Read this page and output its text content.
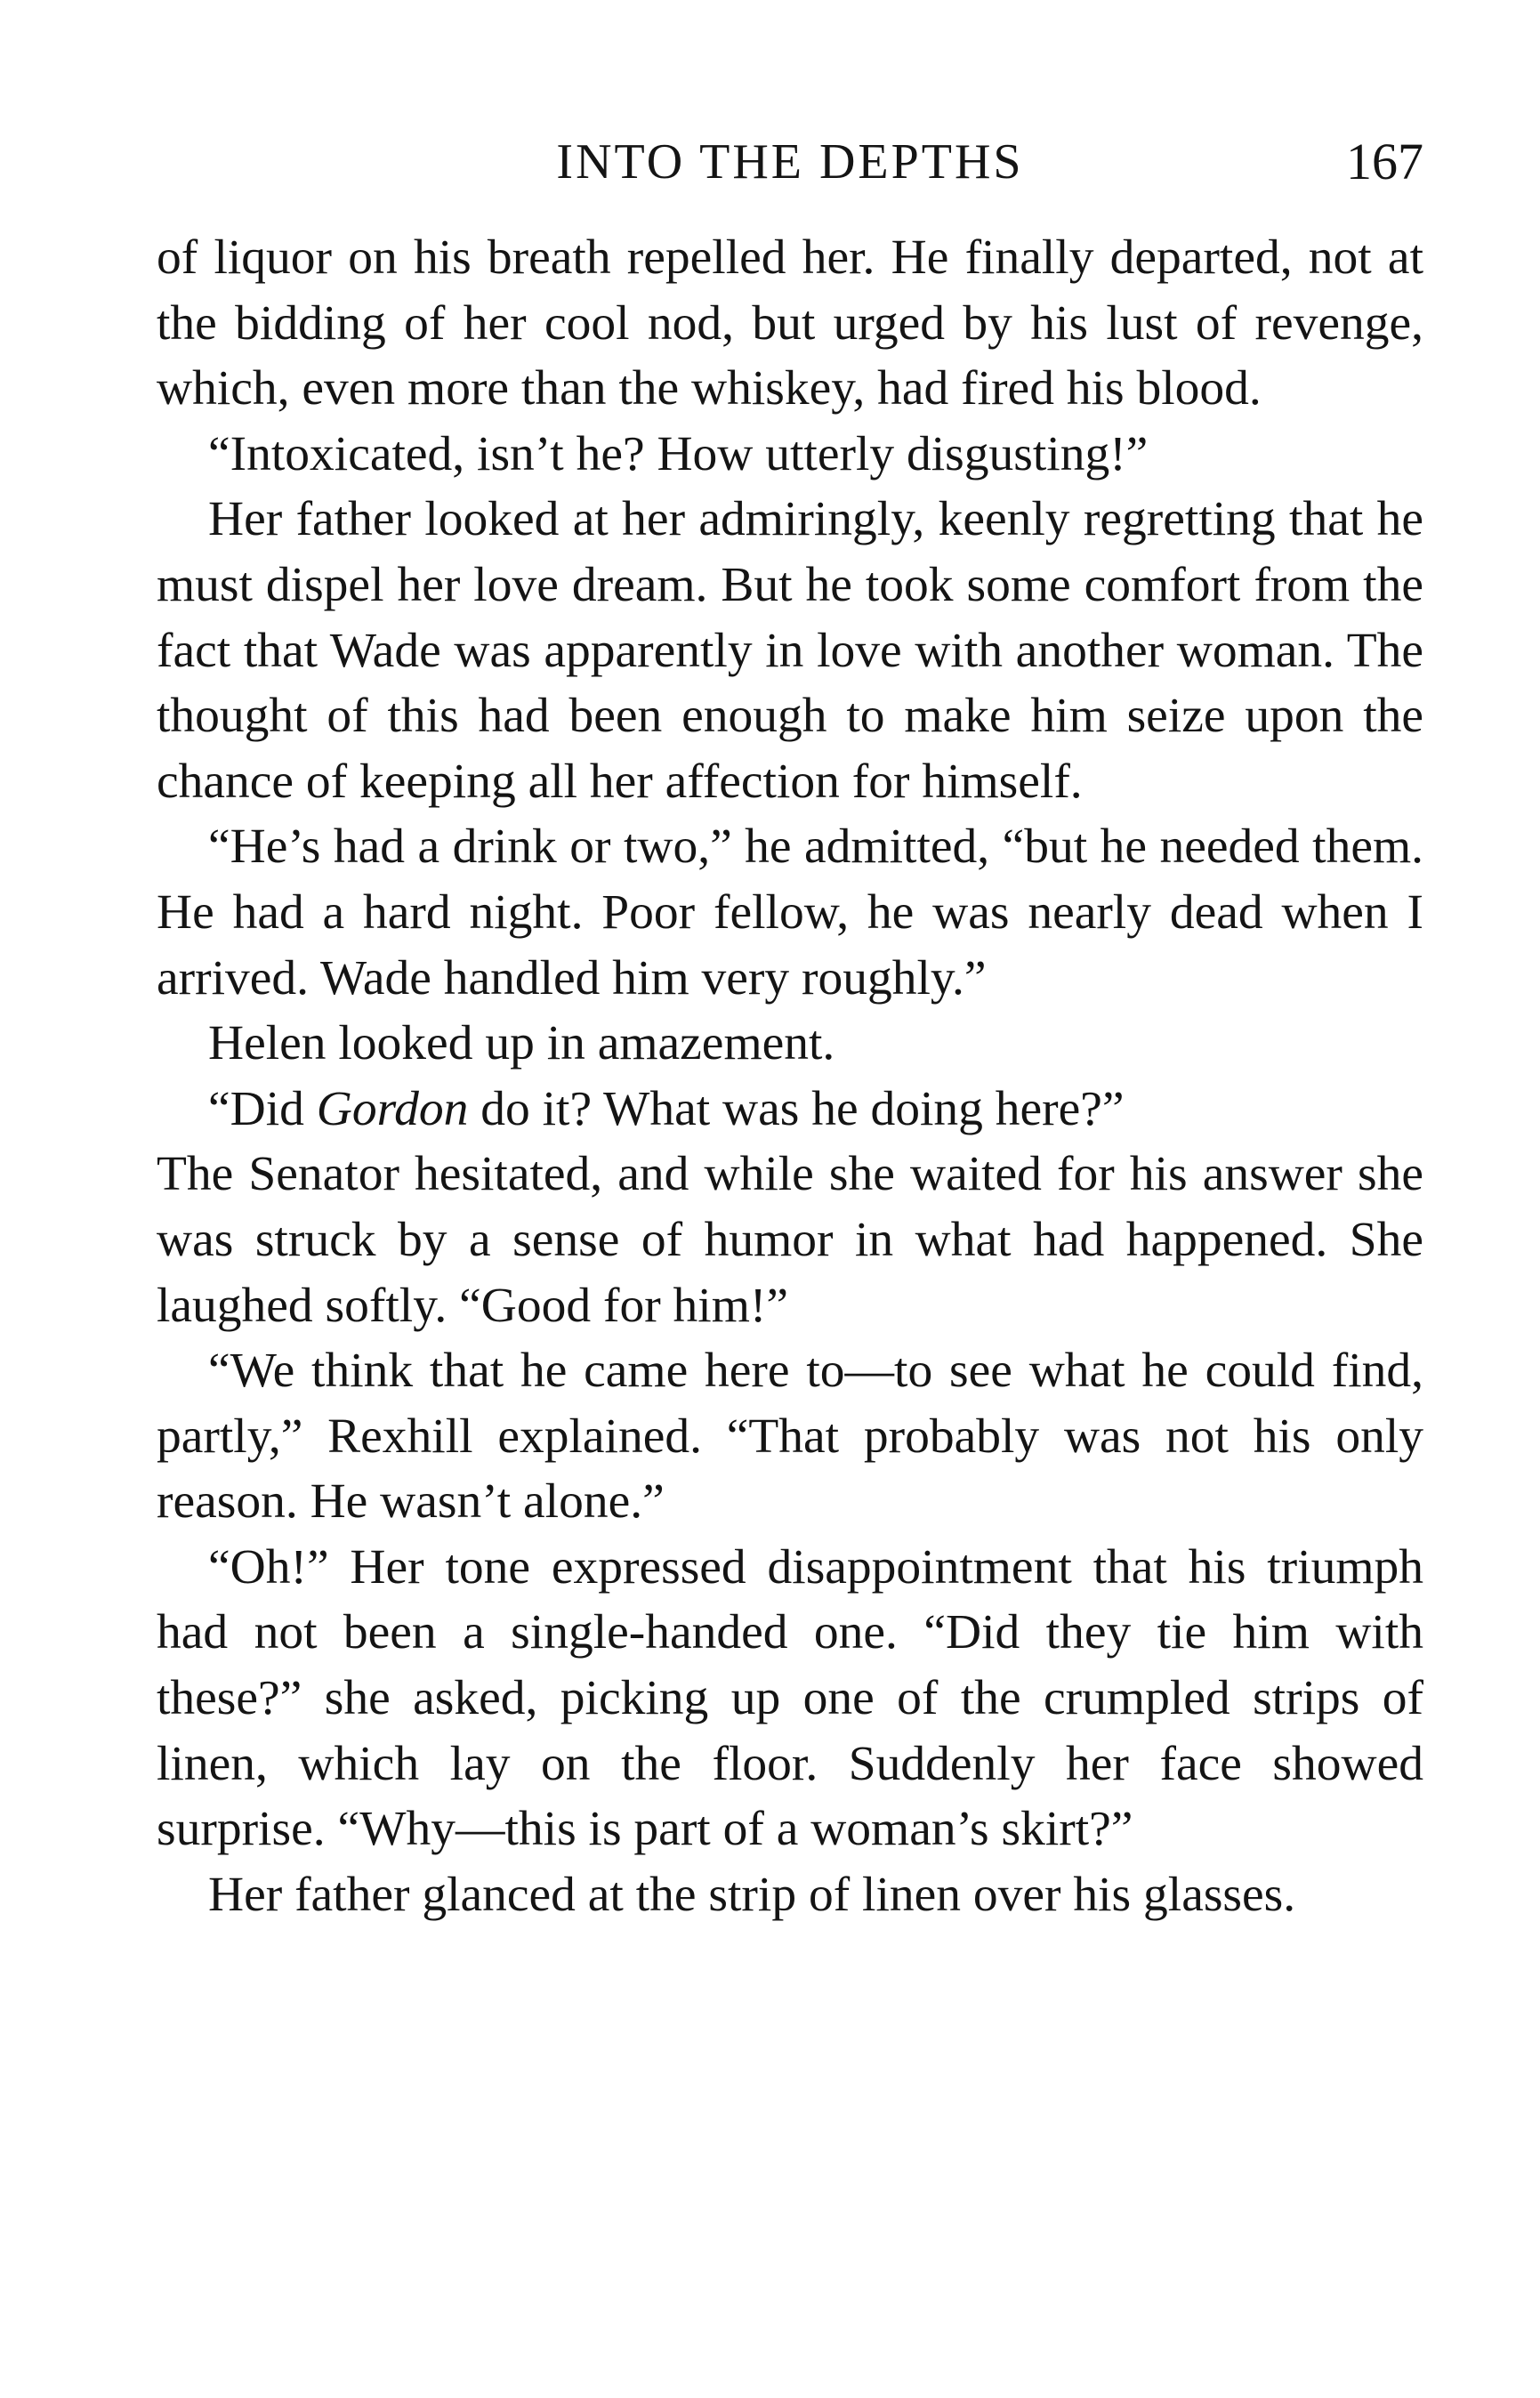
INTO THE DEPTHS	167

of liquor on his breath repelled her. He finally departed, not at the bidding of her cool nod, but urged by his lust of revenge, which, even more than the whiskey, had fired his blood.

“Intoxicated, isn’t he? How utterly disgusting!”

Her father looked at her admiringly, keenly regretting that he must dispel her love dream. But he took some comfort from the fact that Wade was apparently in love with another woman. The thought of this had been enough to make him seize upon the chance of keeping all her affection for himself.

“He’s had a drink or two,” he admitted, “but he needed them. He had a hard night. Poor fellow, he was nearly dead when I arrived. Wade handled him very roughly.”

Helen looked up in amazement.

“Did Gordon do it? What was he doing here?”

The Senator hesitated, and while she waited for his answer she was struck by a sense of humor in what had happened. She laughed softly. “Good for him!”

“We think that he came here to—to see what he could find, partly,” Rexhill explained. “That probably was not his only reason. He wasn’t alone.”

“Oh!” Her tone expressed disappointment that his triumph had not been a single-handed one. “Did they tie him with these?” she asked, picking up one of the crumpled strips of linen, which lay on the floor. Suddenly her face showed surprise. “Why—this is part of a woman’s skirt?”

Her father glanced at the strip of linen over his glasses.
